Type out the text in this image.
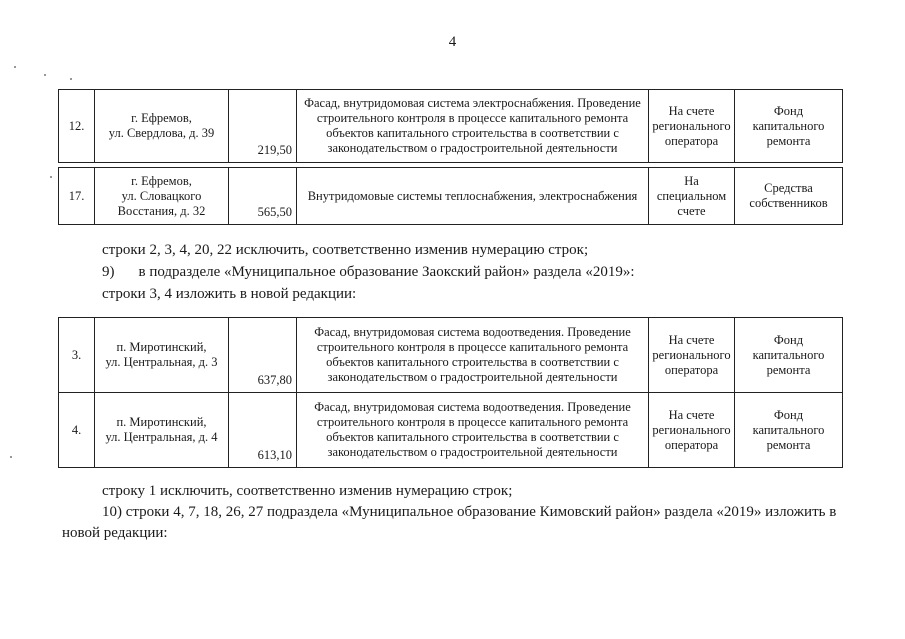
4
12.	г. Ефремов,
ул. Свердлова, д. 39	219,50	Фасад, внутридомовая система электроснабжения. Проведение строительного контроля в процессе капитального ремонта объектов капитального строительства в соответствии с законодательством о градостроительной деятельности	На счете регионального оператора	Фонд капитального ремонта

17.	г. Ефремов,
ул. Словацкого Восстания, д. 32	565,50	Внутридомовые системы теплоснабжения, электроснабжения	На специальном счете	Средства собственников
строки 2, 3, 4, 20, 22 исключить, соответственно изменив нумерацию строк;
9) в подразделе «Муниципальное образование Заокский район» раздела «2019»:
строки 3, 4 изложить в новой редакции:
3.	п. Миротинский,
ул. Центральная, д. 3	637,80	Фасад, внутридомовая система водоотведения. Проведение строительного контроля в процессе капитального ремонта объектов капитального строительства в соответствии с законодательством о градостроительной деятельности	На счете регионального оператора	Фонд капитального ремонта
4.	п. Миротинский,
ул. Центральная, д. 4	613,10	Фасад, внутридомовая система водоотведения. Проведение строительного контроля в процессе капитального ремонта объектов капитального строительства в соответствии с законодательством о градостроительной деятельности	На счете регионального оператора	Фонд капитального ремонта
строку 1 исключить, соответственно изменив нумерацию строк;
10) строки 4, 7, 18, 26, 27 подраздела «Муниципальное образование Кимовский район» раздела «2019» изложить в
новой редакции:
